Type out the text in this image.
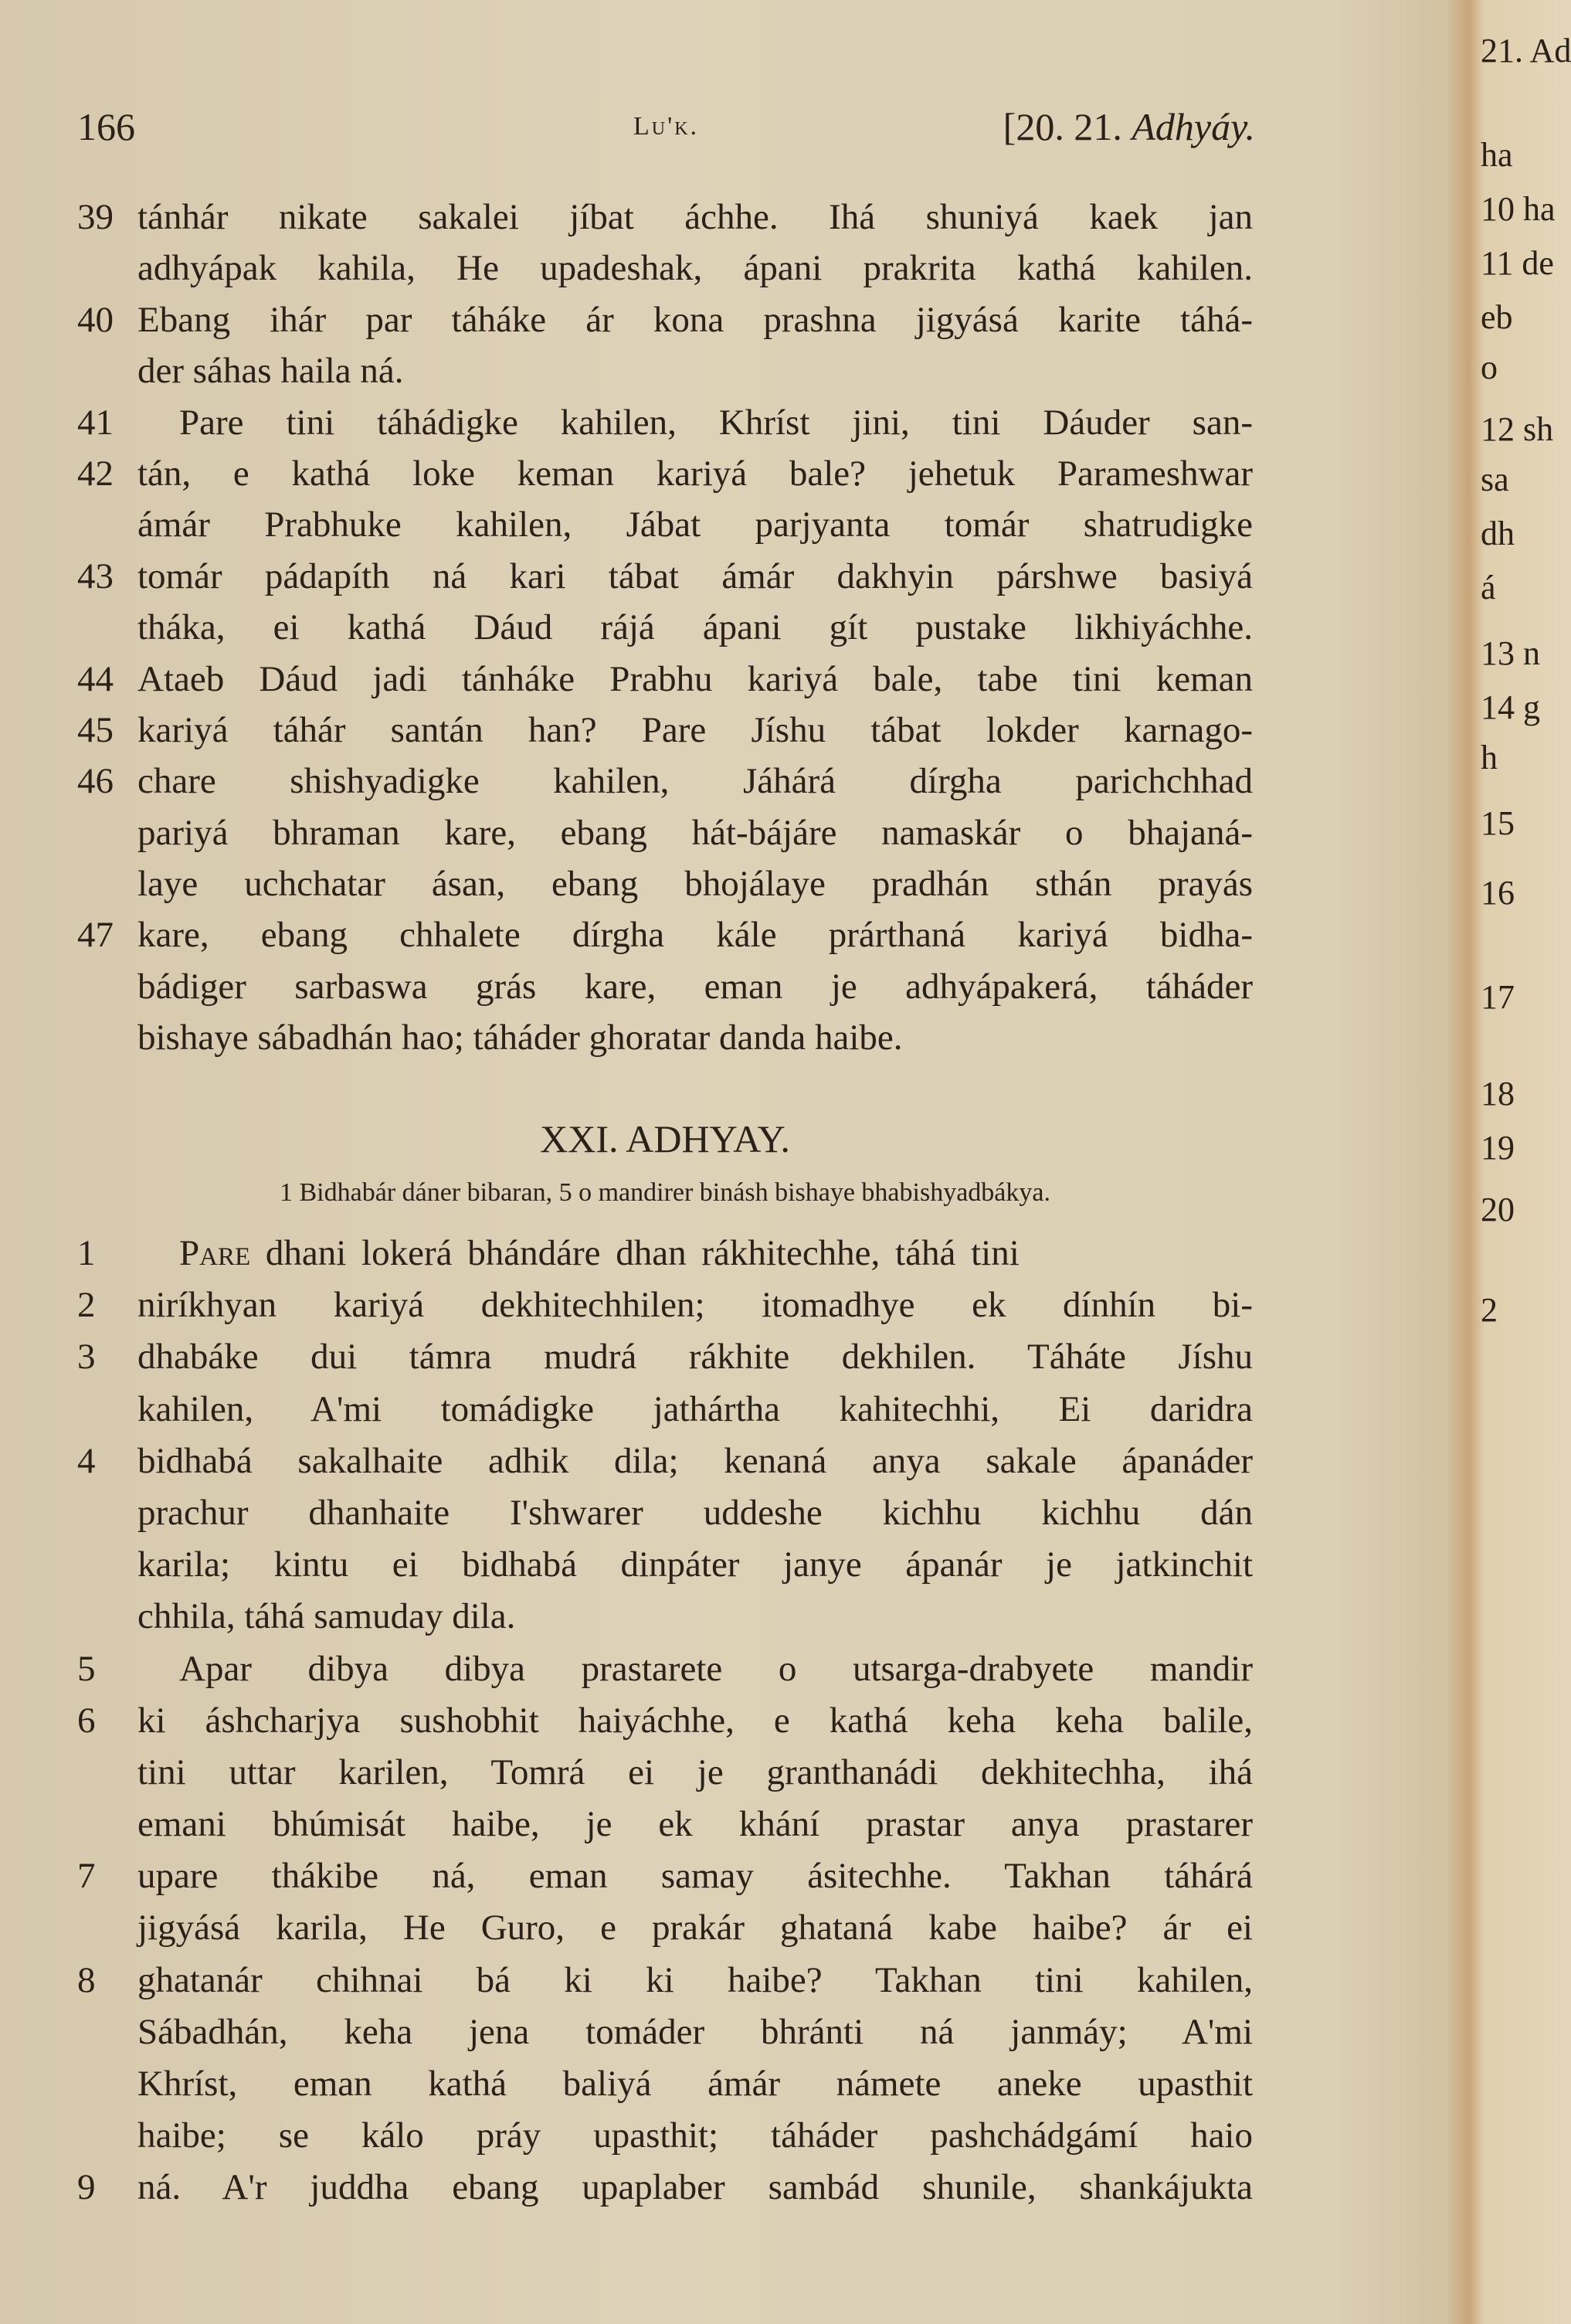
166	Lu'k.	[20. 21. Adhyáy.
39 tánhár nikate sakalei jíbat áchhe. Ihá shuniyá kaek jan
adhyápak kahila, He upadeshak, ápani prakrita kathá kahilen.
40 Ebang ihár par táháke ár kona prashna jigyásá karite táhá-
der sáhas haila ná.
41	Pare tini táhádigke kahilen, Khríst jini, tini Dáuder san-
42 tán, e kathá loke keman kariyá bale? jehetuk Parameshwar
ámár Prabhuke kahilen, Jábat parjyanta tomár shatrudigke
43 tomár pádapíth ná kari tábat ámár dakhyin párshwe basiyá
tháka, ei kathá Dáud rájá ápani gít pustake likhiyáchhe.
44 Ataeb Dáud jadi tánháke Prabhu kariyá bale, tabe tini keman
45 kariyá táhár santán han? Pare Jíshu tábat lokder karnago-
46 chare shishyadigke kahilen, Jáhárá dírgha parichchhad
pariyá bhraman kare, ebang hát-bájáre namaskár o bhajaná-
laye uchchatar ásan, ebang bhojálaye pradhán sthán prayás
47 kare, ebang chhalete dírgha kále prárthaná kariyá bidha-
bádiger sarbaswa grás kare, eman je adhyápakerá, táháder
bishaye sábadhán hao; táháder ghoratar danda haibe.
XXI. ADHYAY.
1 Bidhabár dáner bibaran, 5 o mandirer binásh bishaye bhabishyadbákya.
1	Pare dhani lokerá bhándáre dhan rákhitechhe, táhá tini
2	niríkhyan kariyá dekhitechhilen; itomadhye ek dínhín bi-
3	dhabáke dui támra mudrá rákhite dekhilen. Táháte Jíshu
kahilen, A'mi tomádigke jathártha kahitechhi, Ei daridra
4	bidhabá sakalhaite adhik dila; kenaná anya sakale ápanáder
prachur dhanhaite I'shwarer uddeshe kichhu kichhu dán
karila; kintu ei bidhabá dinpáter janye ápanár je jatkinchit
chhila, táhá samuday dila.
5	Apar dibya dibya prastarete o utsarga-drabyete mandir
6	ki áshcharjya sushobhit haiyáchhe, e kathá keha keha balile,
tini uttar karilen, Tomrá ei je granthanádi dekhitechha, ihá
emani bhúmisát haibe, je ek khání prastar anya prastarer
7	upare thákibe ná, eman samay ásitechhe. Takhan táhárá
jigyásá karila, He Guro, e prakár ghataná kabe haibe? ár ei
8	ghatanár chihnai bá ki ki haibe? Takhan tini kahilen,
Sábadhán, keha jena tomáder bhránti ná janmáy; A'mi
Khríst, eman kathá baliyá ámár námete aneke upasthit
haibe; se kálo práy upasthit; táháder pashchádgámí haio
9	ná. A'r juddha ebang upaplaber sambád shunile, shankájukta
21. Ad
ha
10 ha
11 de
eb
o
12 sh
sa
dh
á
13 n
14 g
h
15
16
17
18
19
20
2
